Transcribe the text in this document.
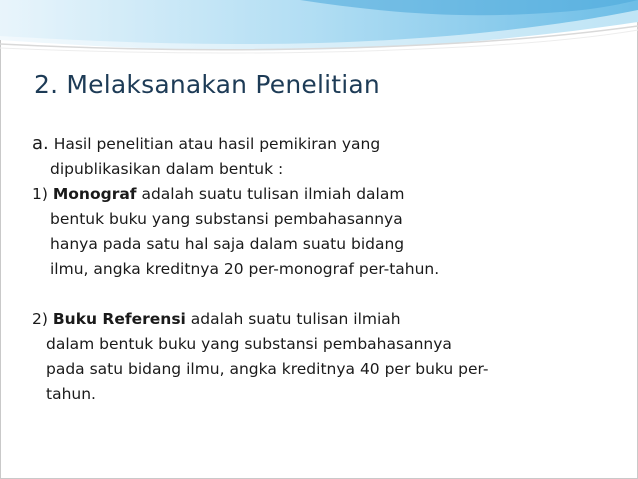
2. Melaksanakan Penelitian
a. Hasil penelitian atau hasil pemikiran yang
dipublikasikan dalam bentuk :
1) Monograf adalah suatu tulisan ilmiah dalam
bentuk buku yang substansi pembahasannya
hanya pada satu hal saja dalam suatu bidang
ilmu, angka kreditnya 20 per-monograf per-tahun.
2) Buku Referensi adalah suatu tulisan ilmiah
dalam bentuk buku yang substansi pembahasannya
pada satu bidang ilmu, angka kreditnya 40 per buku per-
tahun.
